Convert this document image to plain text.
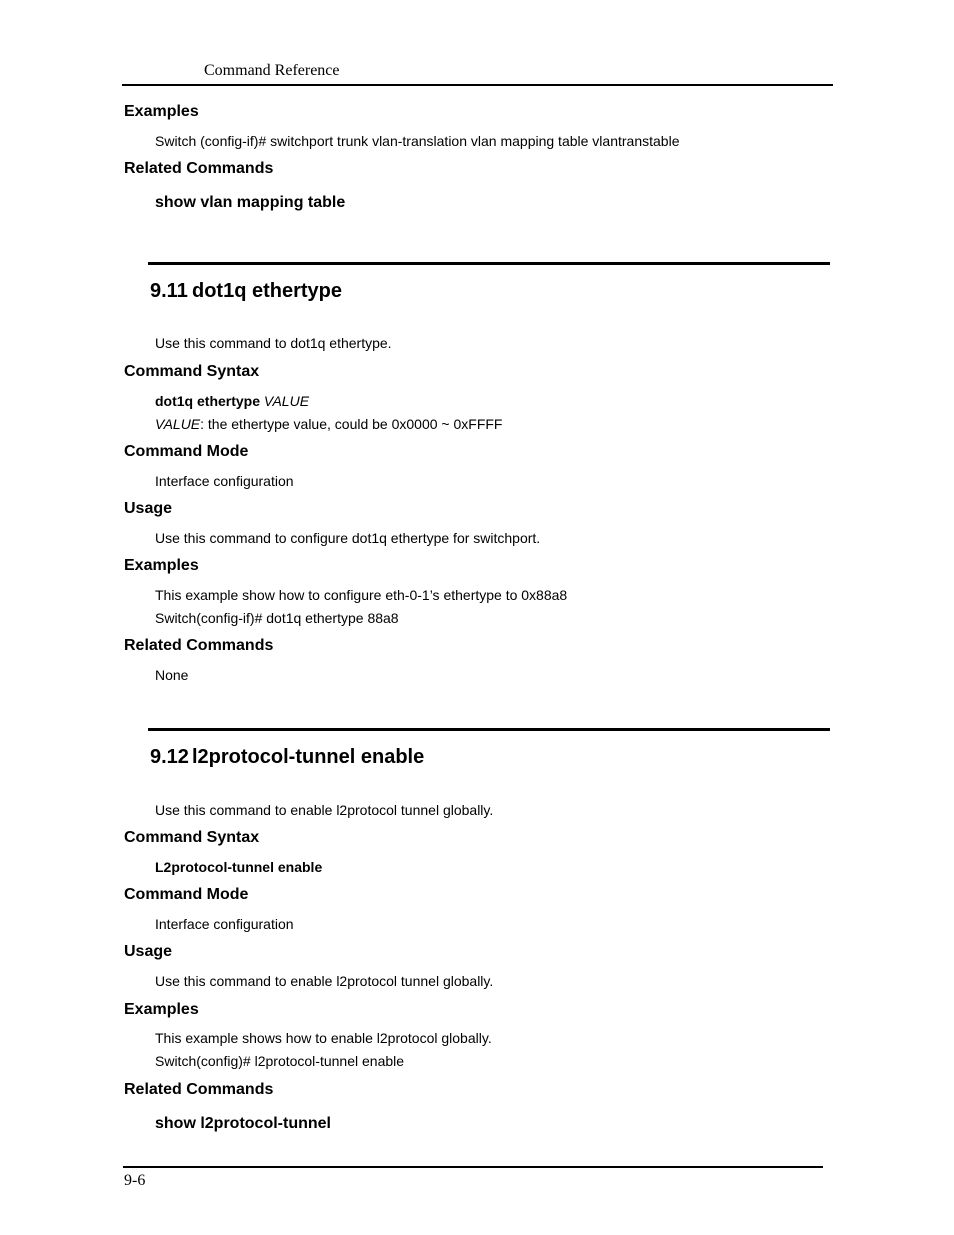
Command Reference
Examples
Switch (config-if)# switchport trunk vlan-translation vlan mapping table vlantranstable
Related Commands
show vlan mapping table
9.11 dot1q ethertype
Use this command to dot1q ethertype.
Command Syntax
dot1q ethertype VALUE
VALUE: the ethertype value, could be 0x0000 ~ 0xFFFF
Command Mode
Interface configuration
Usage
Use this command to configure dot1q ethertype for switchport.
Examples
This example show how to configure eth-0-1’s ethertype to 0x88a8
Switch(config-if)# dot1q ethertype 88a8
Related Commands
None
9.12 l2protocol-tunnel enable
Use this command to enable l2protocol tunnel globally.
Command Syntax
L2protocol-tunnel enable
Command Mode
Interface configuration
Usage
Use this command to enable l2protocol tunnel globally.
Examples
This example shows how to enable l2protocol globally.
Switch(config)# l2protocol-tunnel enable
Related Commands
show l2protocol-tunnel
9-6
